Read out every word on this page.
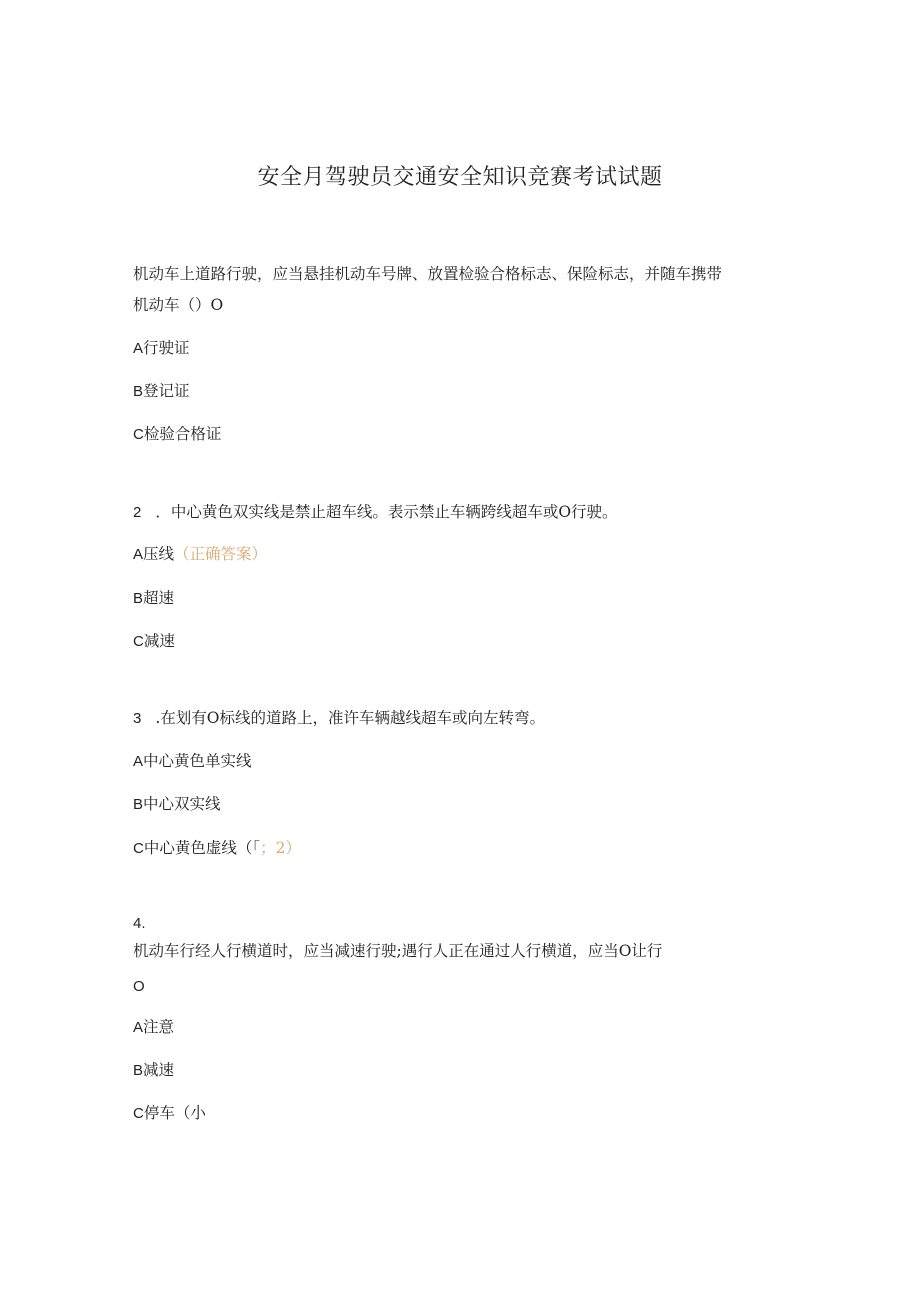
安全月驾驶员交通安全知识竞赛考试试题
机动车上道路行驶，应当悬挂机动车号牌、放置检验合格标志、保险标志，并随车携带
机动车（）O
A行驶证
B登记证
C检验合格证
2 ．中心黄色双实线是禁止超车线。表示禁止车辆跨线超车或O行驶。
A压线（正确答案）
B超速
C减速
3 .在划有O标线的道路上，准许车辆越线超车或向左转弯。
A中心黄色单实线
B中心双实线
C中心黄色虚线（「；2）
4.
机动车行经人行横道时，应当减速行驶;遇行人正在通过人行横道，应当O让行
O
A注意
B减速
C停车（小
